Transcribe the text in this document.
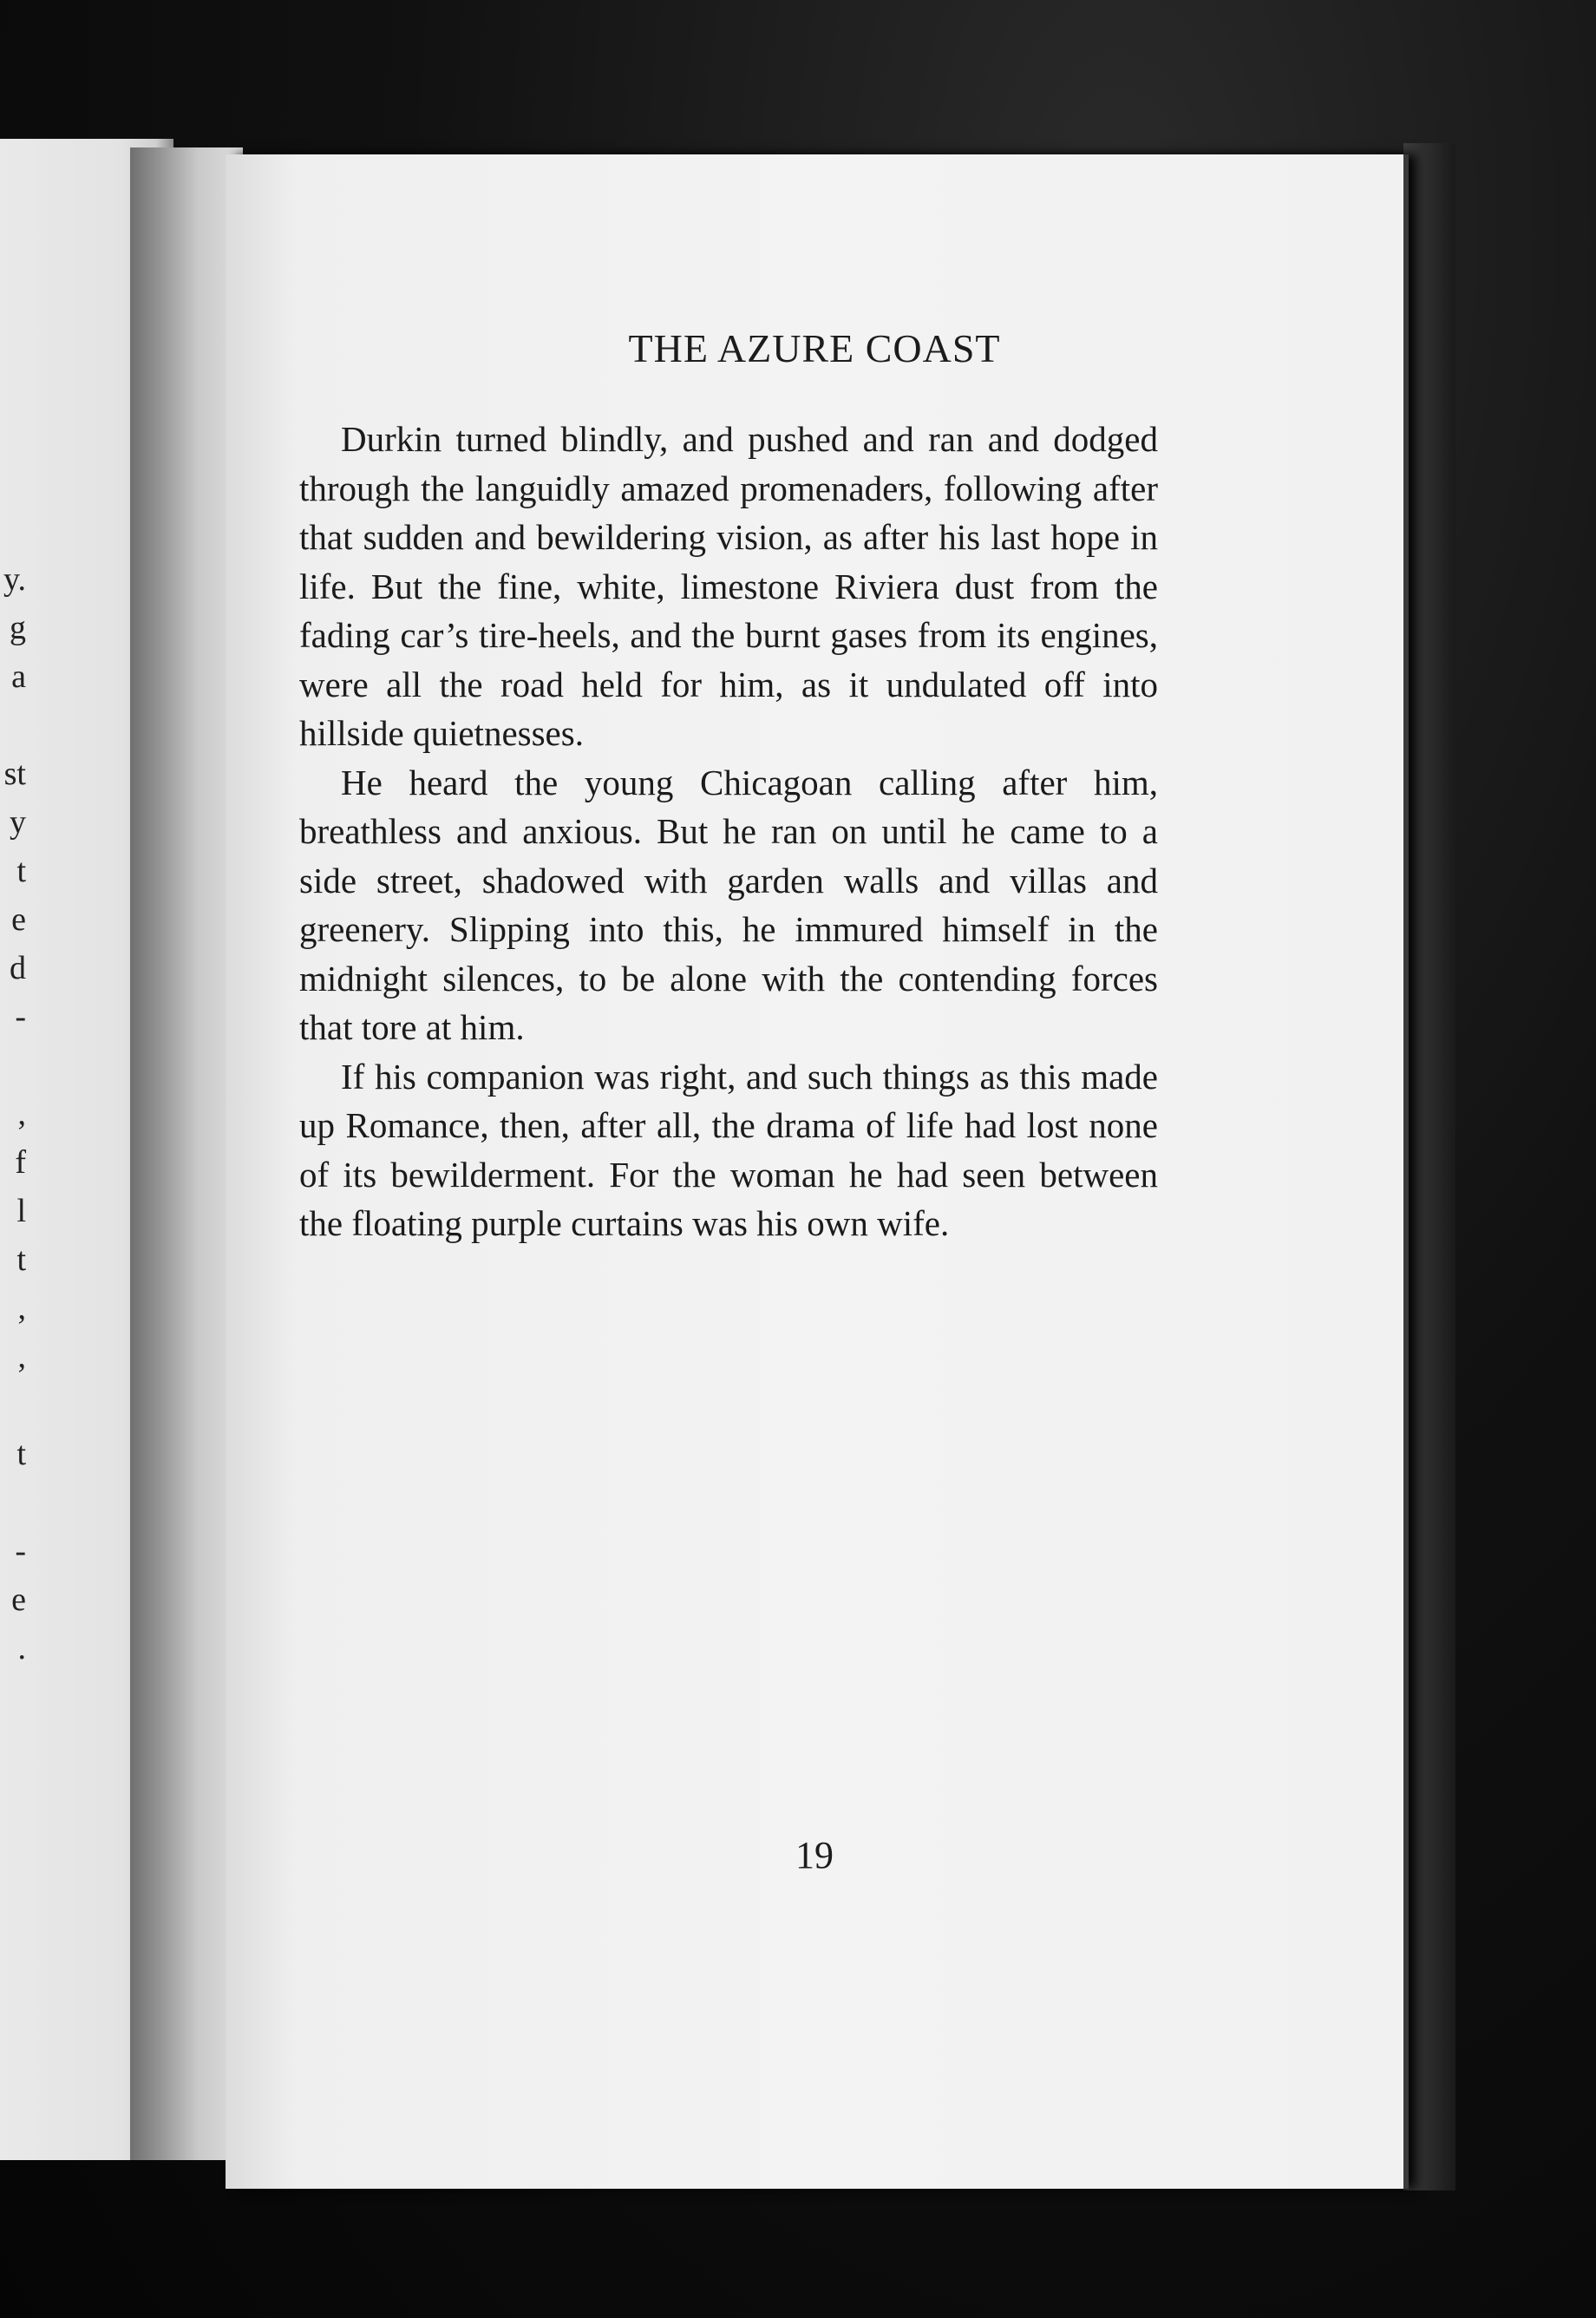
y.
g
a

st
y
t
e
d
-

,
f
l
t
,
,

t

-
e
.
THE AZURE COAST

Durkin turned blindly, and pushed and ran and dodged through the languidly amazed promenaders, following after that sudden and bewildering vision, as after his last hope in life. But the fine, white, limestone Riviera dust from the fading car’s tire-heels, and the burnt gases from its engines, were all the road held for him, as it undulated off into hillside quietnesses.

He heard the young Chicagoan calling after him, breathless and anxious. But he ran on until he came to a side street, shadowed with garden walls and villas and greenery. Slipping into this, he immured himself in the midnight silences, to be alone with the contending forces that tore at him.

If his companion was right, and such things as this made up Romance, then, after all, the drama of life had lost none of its bewilderment. For the woman he had seen between the floating purple curtains was his own wife.

19
